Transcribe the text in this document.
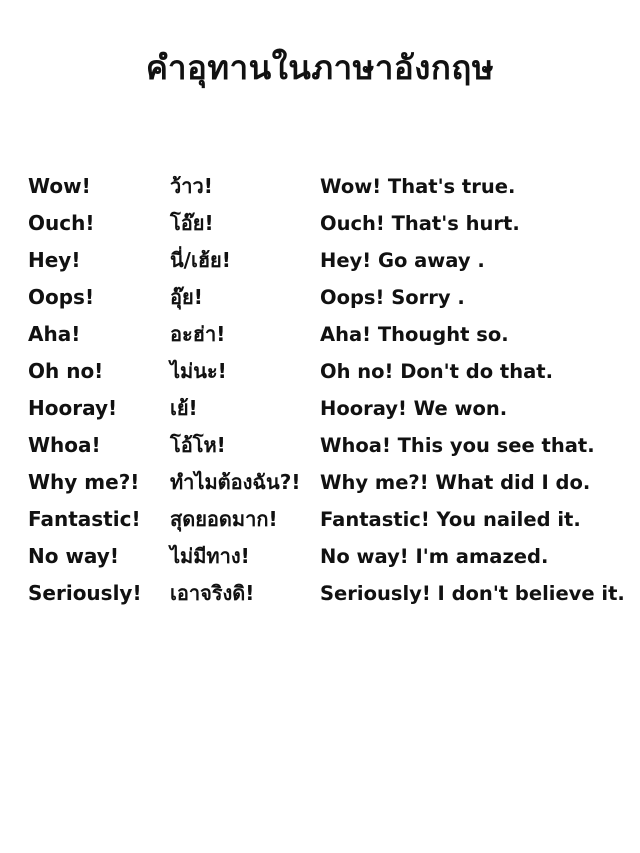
คำอุทานในภาษาอังกฤษ
Wow!	ว้าว!	Wow! That's true.
Ouch!	โอ๊ย!	Ouch! That's hurt.
Hey!	นี่/เฮ้ย!	Hey! Go away .
Oops!	อุ๊ย!	Oops! Sorry .
Aha!	อะฮ่า!	Aha! Thought so.
Oh no!	ไม่นะ!	Oh no! Don't do that.
Hooray!	เย้!	Hooray! We won.
Whoa!	โอ้โห!	Whoa! This you see that.
Why me?! ทำไมต้องฉัน?! Why me?! What did I do.
Fantastic! สุดยอดมาก! Fantastic! You nailed it.
No way!	ไม่มีทาง!	No way! I'm amazed.
Seriously! เอาจริงดิ!	Seriously! I don't believe it.
